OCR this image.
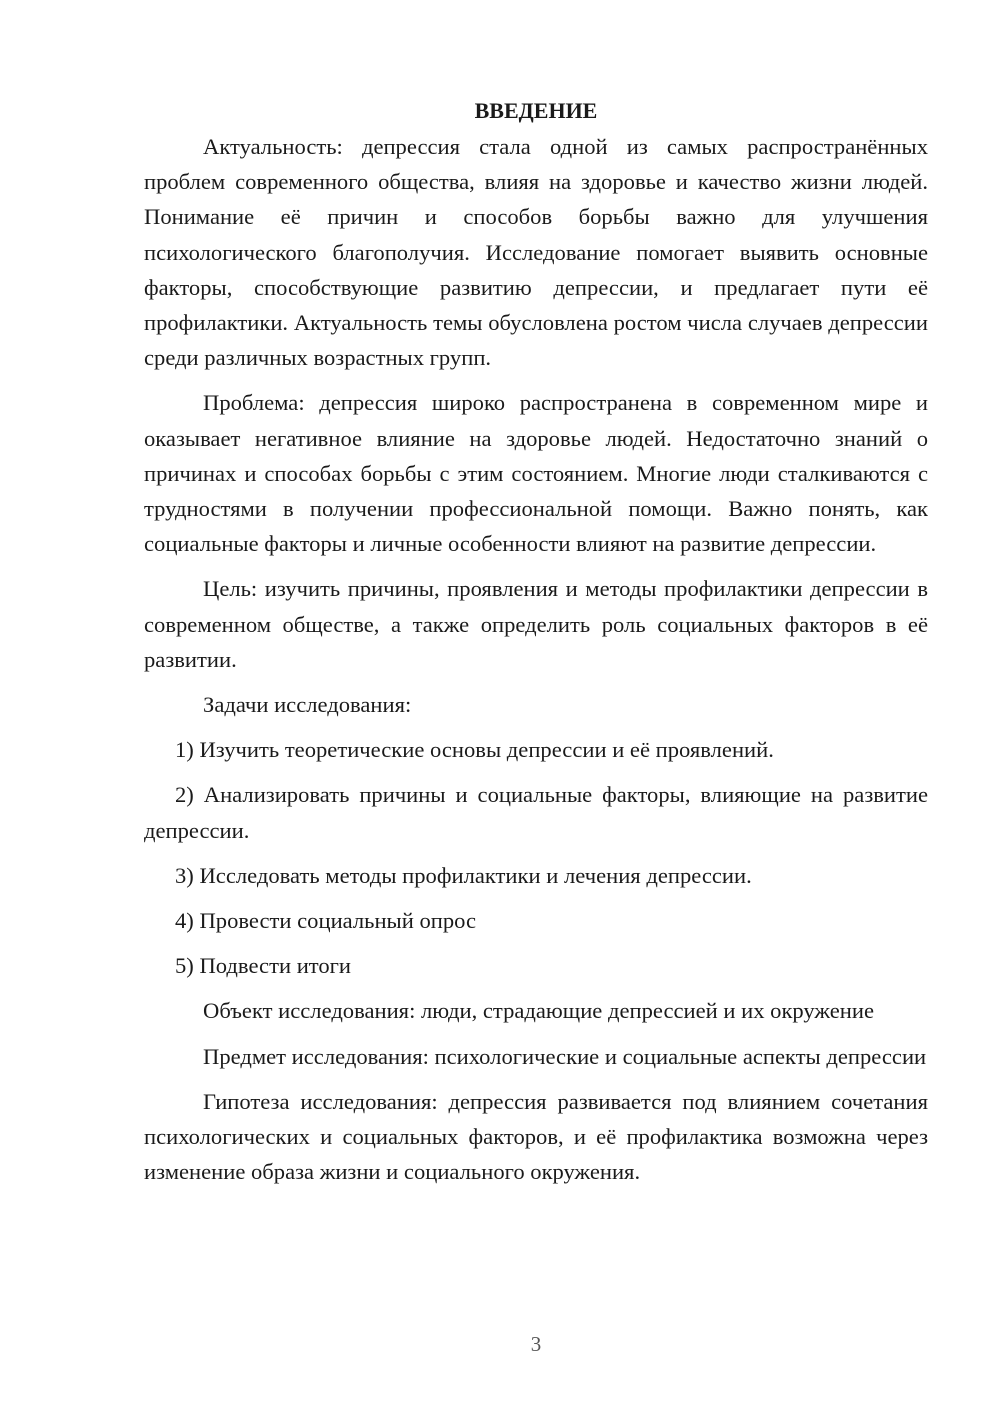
ВВЕДЕНИЕ

Актуальность: депрессия стала одной из самых распространённых проблем современного общества, влияя на здоровье и качество жизни людей. Понимание её причин и способов борьбы важно для улучшения психологического благополучия. Исследование помогает выявить основные факторы, способствующие развитию депрессии, и предлагает пути её профилактики. Актуальность темы обусловлена ростом числа случаев депрессии среди различных возрастных групп.

Проблема: депрессия широко распространена в современном мире и оказывает негативное влияние на здоровье людей. Недостаточно знаний о причинах и способах борьбы с этим состоянием. Многие люди сталкиваются с трудностями в получении профессиональной помощи. Важно понять, как социальные факторы и личные особенности влияют на развитие депрессии.

Цель: изучить причины, проявления и методы профилактики депрессии в современном обществе, а также определить роль социальных факторов в её развитии.

Задачи исследования:

1) Изучить теоретические основы депрессии и её проявлений.

2) Анализировать причины и социальные факторы, влияющие на развитие депрессии.

3) Исследовать методы профилактики и лечения депрессии.

4) Провести социальный опрос

5) Подвести итоги

Объект исследования: люди, страдающие депрессией и их окружение

Предмет исследования: психологические и социальные аспекты депрессии

Гипотеза исследования: депрессия развивается под влиянием сочетания психологических и социальных факторов, и её профилактика возможна через изменение образа жизни и социального окружения.

3
